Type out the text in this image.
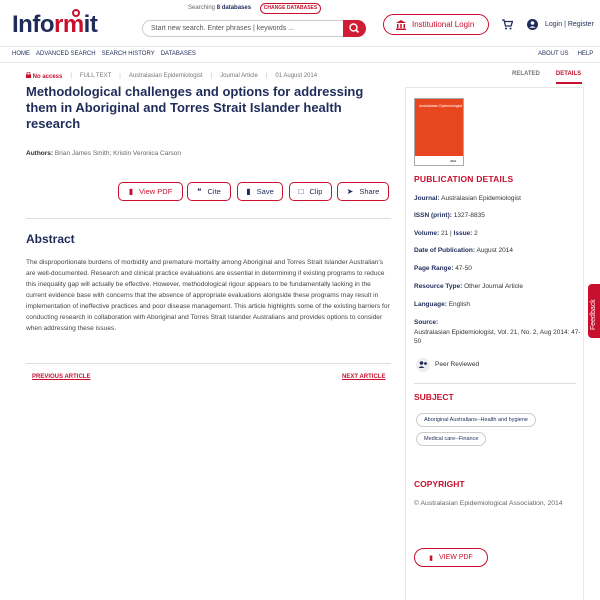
Informit
Searching 8 databases	CHANGE DATABASES
Start new search. Enter phrases | keywords ...	Institutional Login	Login | Register
HOME ADVANCED SEARCH SEARCH HISTORY DATABASES	ABOUT US HELP
No access | FULL TEXT | Australasian Epidemiologist | Journal Article | 01 August 2014	RELATED	DETAILS
Methodological challenges and options for addressing them in Aboriginal and Torres Strait Islander health research
Authors: Brian James Smith; Kristin Veronica Carson
▮ View PDF	❝ Cite	▮ Save	□ Clip	➤ Share
Abstract
The disproportionate burdens of morbidity and premature mortality among Aboriginal and Torres Strait Islander Australian's are well-documented. Research and clinical practice evaluations are essential in determining if existing programs to reduce this inequality gap will actually be effective. However, methodological rigour appears to be fundamentally lacking in the current evidence base with concerns that the absence of appropriate evaluations alongside these programs may result in implementation of ineffective practices and poor disease management. This article highlights some of the existing barriers for conducting research in collaboration with Aboriginal and Torres Strait Islander Australians and provides options to consider when addressing these issues.
PREVIOUS ARTICLE	NEXT ARTICLE
Australasian Epidemiologist
AEA
PUBLICATION DETAILS
Journal: Australasian Epidemiologist
ISSN (print): 1327-8835
Volume: 21 | Issue: 2
Date of Publication: August 2014
Page Range: 47-50
Resource Type: Other Journal Article
Language: English
Source:
Australasian Epidemiologist, Vol. 21, No. 2, Aug 2014: 47-50
Peer Reviewed
SUBJECT
Aboriginal Australians--Health and hygiene
Medical care--Finance
COPYRIGHT
© Australasian Epidemiological Association, 2014
▮ VIEW PDF
Feedback
